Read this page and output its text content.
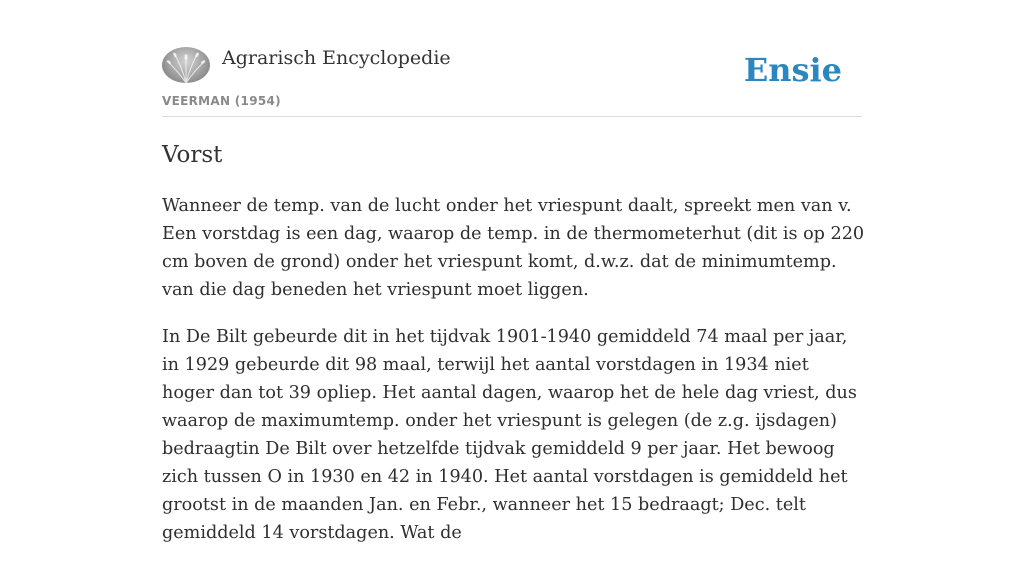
Agrarisch Encyclopedie
VEERMAN (1954)
Ensie
Vorst

Wanneer de temp. van de lucht onder het vriespunt daalt, spreekt men van v. Een vorstdag is een dag, waarop de temp. in de thermometerhut (dit is op 220 cm boven de grond) onder het vriespunt komt, d.w.z. dat de minimumtemp. van die dag beneden het vriespunt moet liggen.

In De Bilt gebeurde dit in het tijdvak 1901-1940 gemiddeld 74 maal per jaar, in 1929 gebeurde dit 98 maal, terwijl het aantal vorstdagen in 1934 niet hoger dan tot 39 opliep. Het aantal dagen, waarop het de hele dag vriest, dus waarop de maximumtemp. onder het vriespunt is gelegen (de z.g. ijsdagen) bedraagtin De Bilt over hetzelfde tijdvak gemiddeld 9 per jaar. Het bewoog zich tussen O in 1930 en 42 in 1940. Het aantal vorstdagen is gemiddeld het grootst in de maanden Jan. en Febr., wanneer het 15 bedraagt; Dec. telt gemiddeld 14 vorstdagen. Wat de
